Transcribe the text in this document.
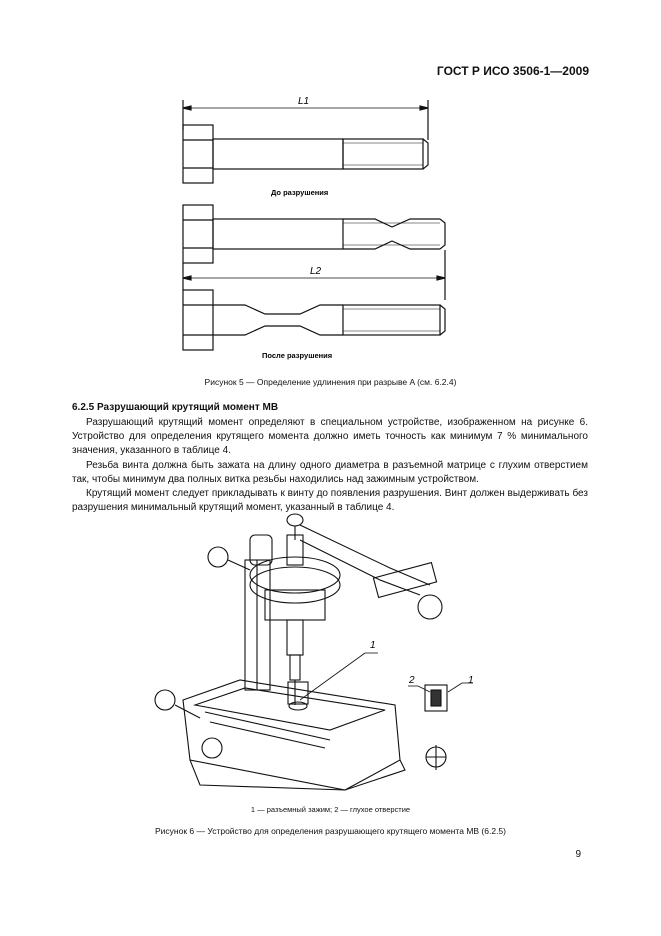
ГОСТ Р ИСО 3506-1—2009
L1
L2
До разрушения
После разрушения
Рисунок 5 — Определение удлинения при разрыве A (см. 6.2.4)
6.2.5 Разрушающий крутящий момент MB

Разрушающий крутящий момент определяют в специальном устройстве, изображенном на рисунке 6. Устройство для определения крутящего момента должно иметь точность как минимум 7 % минимального значения, указанного в таблице 4.

Резьба винта должна быть зажата на длину одного диаметра в разъемной матрице с глухим отверстием так, чтобы минимум два полных витка резьбы находились над зажимным устройством.

Крутящий момент следует прикладывать к винту до появления разрушения. Винт должен выдерживать без разрушения минимальный крутящий момент, указанный в таблице 4.

1
2	1
1 — разъемный зажим; 2 — глухое отверстие
Рисунок 6 — Устройство для определения разрушающего крутящего момента MB (6.2.5)
9
